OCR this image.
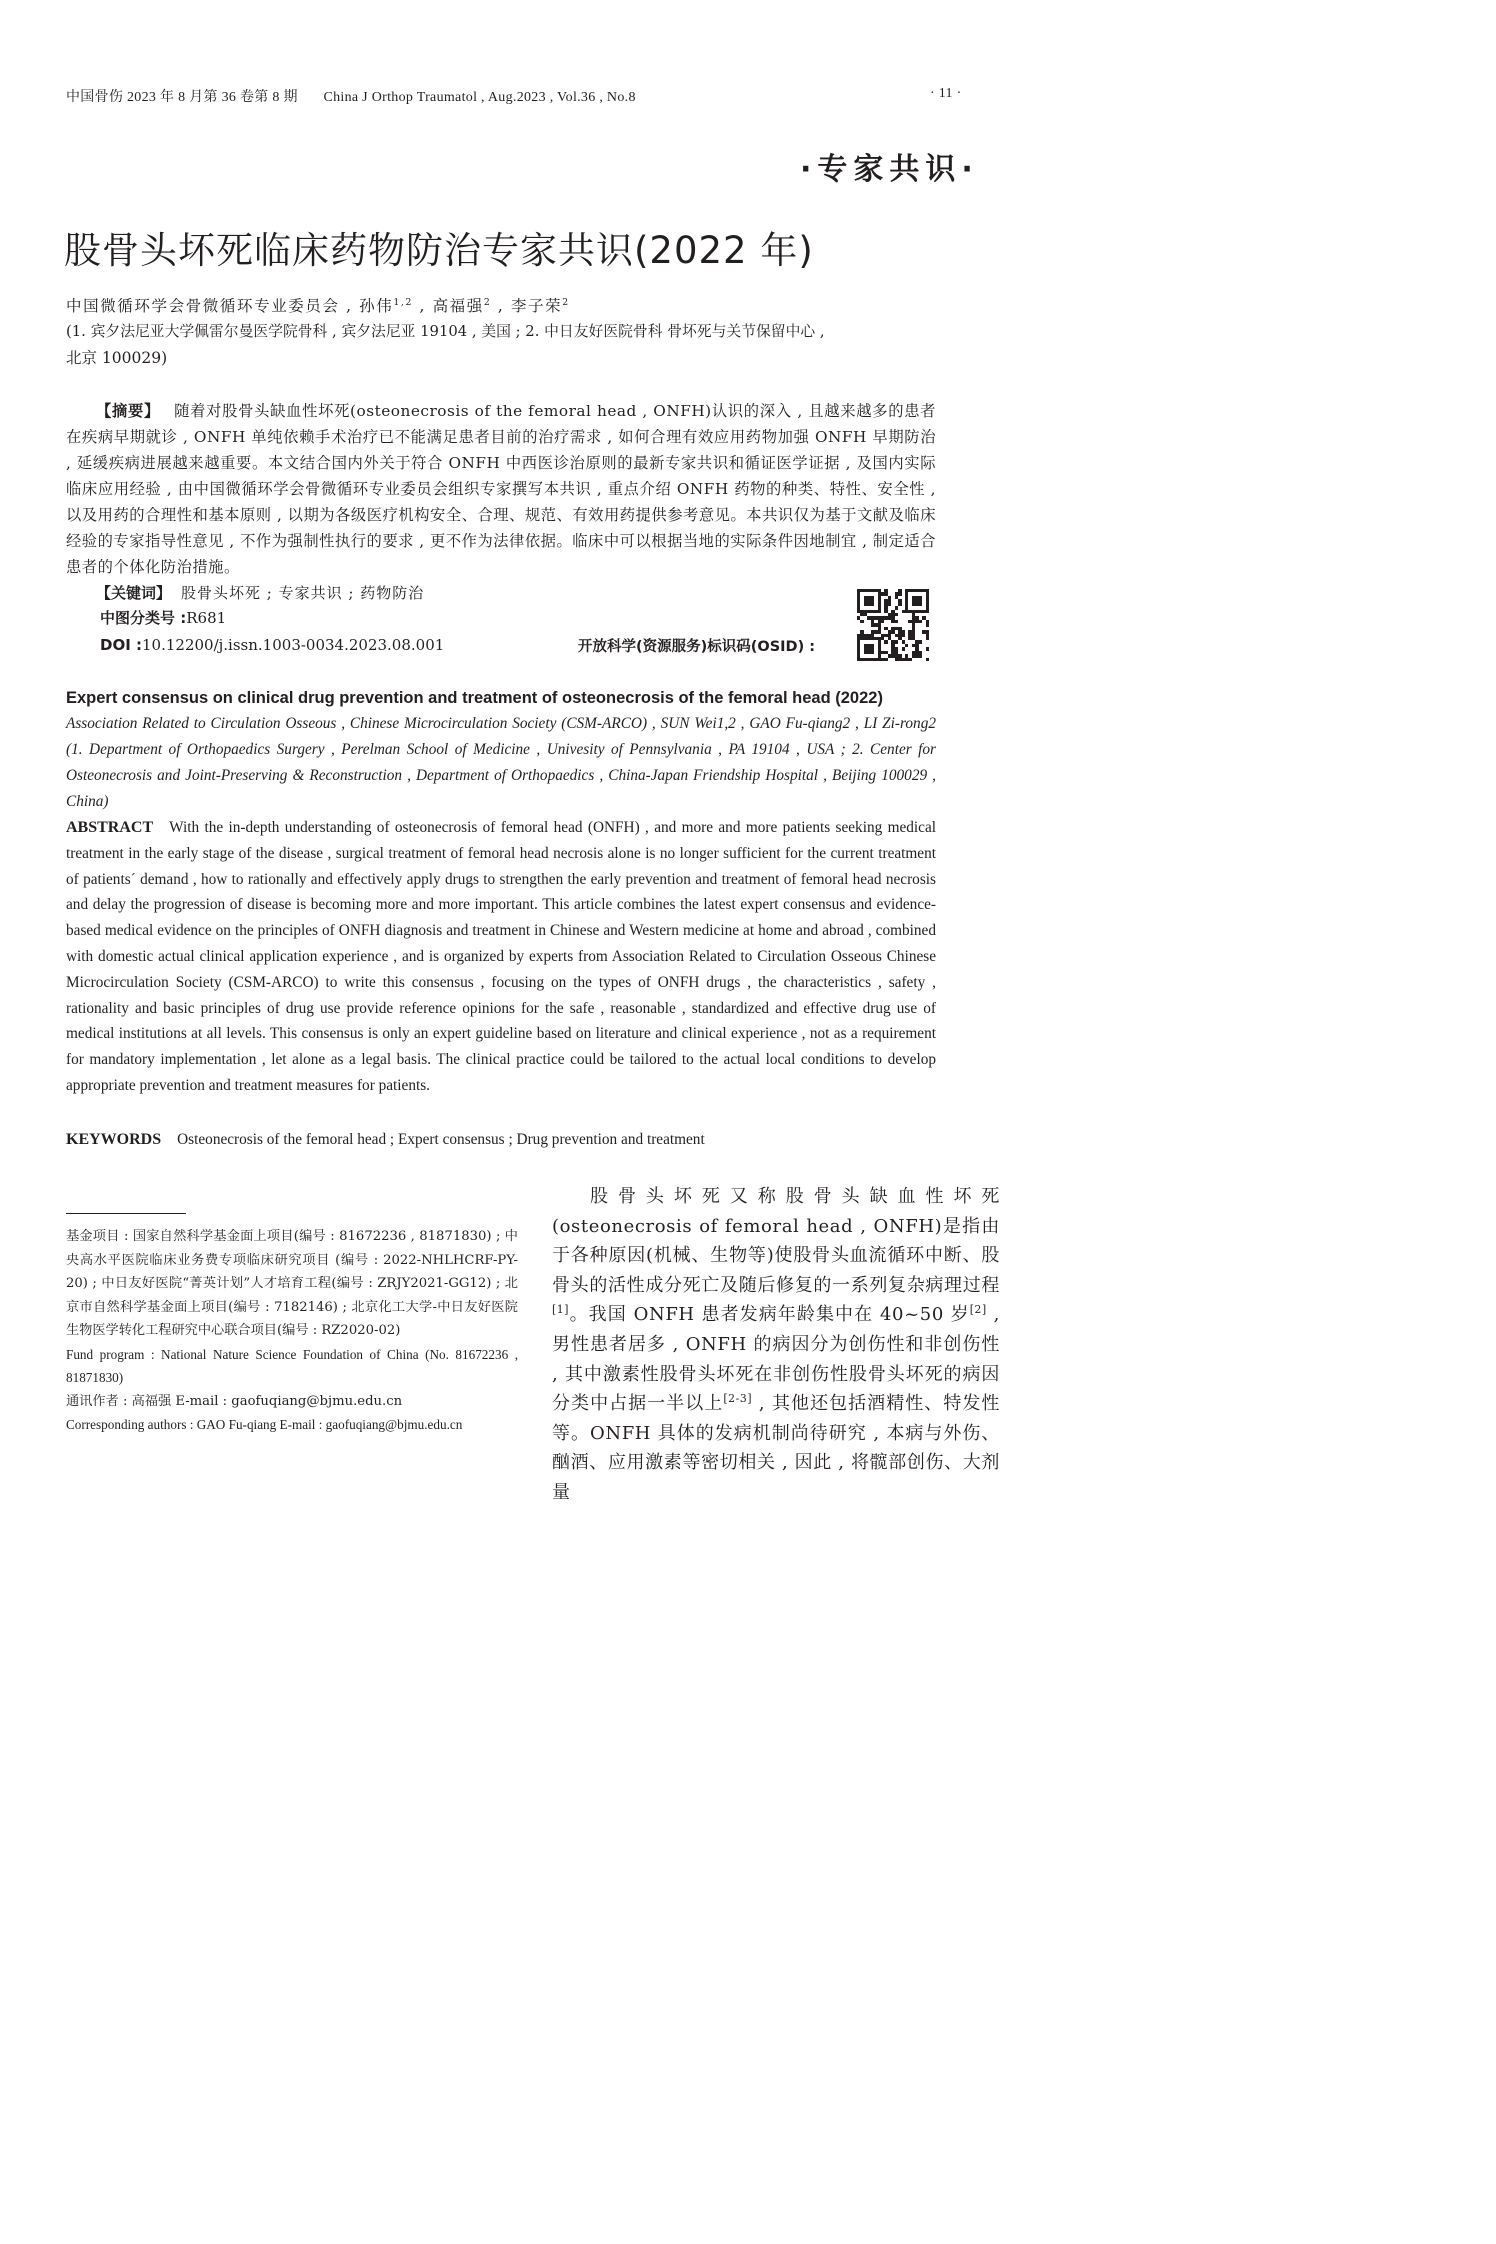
中国骨伤 2023 年 8 月第 36 卷第 8 期 China J Orthop Traumatol , Aug.2023 , Vol.36 , No.8	· 11 ·
·专家共识·
股骨头坏死临床药物防治专家共识(2022 年)
中国微循环学会骨微循环专业委员会 , 孙伟$^{1,2}$ , 高福强$^2$ , 李子荣$^2$
(1. 宾夕法尼亚大学佩雷尔曼医学院骨科 , 宾夕法尼亚 19104 , 美国 ; 2. 中日友好医院骨科 骨坏死与关节保留中心 ,
北京 100029)
【摘要】 随着对股骨头缺血性坏死(osteonecrosis of the femoral head , ONFH)认识的深入 , 且越来越多的患者在疾病早期就诊 , ONFH 单纯依赖手术治疗已不能满足患者目前的治疗需求 , 如何合理有效应用药物加强 ONFH 早期防治 , 延缓疾病进展越来越重要。本文结合国内外关于符合 ONFH 中西医诊治原则的最新专家共识和循证医学证据 , 及国内实际临床应用经验 , 由中国微循环学会骨微循环专业委员会组织专家撰写本共识 , 重点介绍 ONFH 药物的种类、特性、安全性 , 以及用药的合理性和基本原则 , 以期为各级医疗机构安全、合理、规范、有效用药提供参考意见。本共识仅为基于文献及临床经验的专家指导性意见 , 不作为强制性执行的要求 , 更不作为法律依据。临床中可以根据当地的实际条件因地制宜 , 制定适合患者的个体化防治措施。
【关键词】 股骨头坏死 ; 专家共识 ; 药物防治
中图分类号 :R681
DOI :10.12200/j.issn.1003-0034.2023.08.001	开放科学(资源服务)标识码(OSID) :
Expert consensus on clinical drug prevention and treatment of osteonecrosis of the femoral head (2022)
Association Related to Circulation Osseous , Chinese Microcirculation Society (CSM-ARCO) , SUN Wei1,2 , GAO Fu-qiang2 , LI Zi-rong2 (1. Department of Orthopaedics Surgery , Perelman School of Medicine , Univesity of Pennsylvania , PA 19104 , USA ; 2. Center for Osteonecrosis and Joint-Preserving & Reconstruction , Department of Orthopaedics , China-Japan Friendship Hospital , Beijing 100029 , China)
ABSTRACT With the in-depth understanding of osteonecrosis of femoral head (ONFH) , and more and more patients seeking medical treatment in the early stage of the disease , surgical treatment of femoral head necrosis alone is no longer sufficient for the current treatment of patients´ demand , how to rationally and effectively apply drugs to strengthen the early prevention and treatment of femoral head necrosis and delay the progression of disease is becoming more and more important. This article combines the latest expert consensus and evidence-based medical evidence on the principles of ONFH diagnosis and treatment in Chinese and Western medicine at home and abroad , combined with domestic actual clinical application experience , and is organized by experts from Association Related to Circulation Osseous Chinese Microcirculation Society (CSM-ARCO) to write this consensus , focusing on the types of ONFH drugs , the characteristics , safety , rationality and basic principles of drug use provide reference opinions for the safe , reasonable , standardized and effective drug use of medical institutions at all levels. This consensus is only an expert guideline based on literature and clinical experience , not as a requirement for mandatory implementation , let alone as a legal basis. The clinical practice could be tailored to the actual local conditions to develop appropriate prevention and treatment measures for patients.
KEYWORDS Osteonecrosis of the femoral head ; Expert consensus ; Drug prevention and treatment
基金项目 : 国家自然科学基金面上项目(编号 : 81672236 , 81871830) ; 中央高水平医院临床业务费专项临床研究项目 (编号 : 2022-NHLHCRF-PY-20) ; 中日友好医院“菁英计划”人才培育工程(编号 : ZRJY2021-GG12) ; 北京市自然科学基金面上项目(编号 : 7182146) ; 北京化工大学-中日友好医院生物医学转化工程研究中心联合项目(编号 : RZ2020-02)
Fund program : National Nature Science Foundation of China (No. 81672236 , 81871830)
通讯作者 : 高福强 E-mail : gaofuqiang@bjmu.edu.cn
Corresponding authors : GAO Fu-qiang E-mail : gaofuqiang@bjmu.edu.cn
股骨头坏死又称股骨头缺血性坏死(osteonecrosis of femoral head , ONFH)是指由于各种原因(机械、生物等)使股骨头血流循环中断、股骨头的活性成分死亡及随后修复的一系列复杂病理过程[1]。我国 ONFH 患者发病年龄集中在 40~50 岁[2] , 男性患者居多 , ONFH 的病因分为创伤性和非创伤性 , 其中激素性股骨头坏死在非创伤性股骨头坏死的病因分类中占据一半以上[2-3] , 其他还包括酒精性、特发性等。ONFH 具体的发病机制尚待研究 , 本病与外伤、酗酒、应用激素等密切相关 , 因此 , 将髋部创伤、大剂量
